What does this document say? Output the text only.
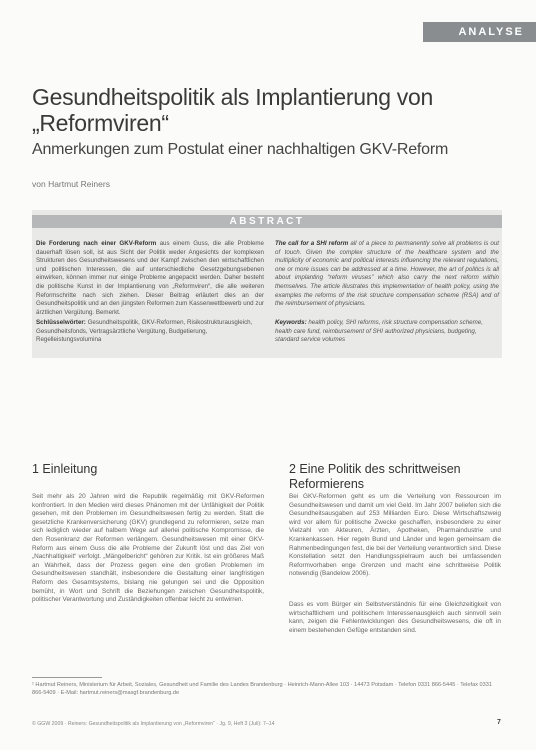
ANALYSE
Gesundheitspolitik als Implantierung von „Reformviren“
Anmerkungen zum Postulat einer nachhaltigen GKV-Reform
von Hartmut Reiners
ABSTRACT

Die Forderung nach einer GKV-Reform aus einem Guss, die alle Probleme dauerhaft lösen soll, ist aus Sicht der Politik weder Angesichts der komplexen Strukturen des Gesundheitswesens und der Kampf zwischen den wirtschaftlichen und politischen Interessen, die auf unterschiedliche Gesetzgebungsebenen einwirken, können immer nur einige Probleme angepackt werden. Daher besteht die politische Kunst in der Implantierung von „Reformviren“, die alle weiteren Reformschritte nach sich ziehen. Dieser Beitrag erläutert dies an der Gesundheitspolitik und an den jüngsten Reformen zum Kassenwettbewerb und zur ärztlichen Vergütung. Bemerkt.

The call for a SHI reform all of a piece to permanently solve all problems is out of touch. Given the complex structure of the healthcare system and the multiplicity of economic and political interests influencing the relevant regulations, one or more issues can be addressed at a time. However, the art of politics is all about implanting “reform viruses” which also carry the next reform within themselves. The article illustrates this implementation of health policy, using the examples the reforms of the risk structure compensation scheme (RSA) and of the reimbursement of physicians.

Schlüsselwörter: Gesundheitspolitik, GKV-Reformen, Risikostrukturausgleich, Gesundheitsfonds, Vertragsärztliche Vergütung, Budgetierung, Regelleistungsvolumina

Keywords: health policy, SHI reforms, risk structure compensation scheme, health care fund, reimbursement of SHI authorized physicians, budgeting, standard service volumes

1 Einleitung	2 Eine Politik des schrittweisen Reformierens

Seit mehr als 20 Jahren wird die Republik regelmäßig mit GKV-Reformen konfrontiert. In den Medien wird dieses Phänomen mit der Unfähigkeit der Politik gesehen, mit den Problemen im Gesundheitswesen fertig zu werden. Statt die gesetzliche Krankenversicherung (GKV) grundlegend zu reformieren, setze man sich lediglich wieder auf halbem Wege auf allerlei politische Kompromisse, die den Rosenkranz der Reformen verlängern. Gesundheitswesen mit einer GKV-Reform aus einem Guss die alle Probleme der Zukunft löst und das Ziel von „Nachhaltigkeit“ verfolgt. „Mängelbericht“ gehören zur Kritik. Ist ein größeres Maß an Wahrheit, dass der Prozess gegen eine den großen Problemen im Gesundheitswesen standhält, insbesondere die Gestaltung einer langfristigen Reform des Gesamtsystems, bislang nie gelungen sei und die Opposition bemüht, in Wort und Schrift die Beziehungen zwischen Gesundheitspolitik, politischer Verantwortung und Zuständigkeiten offenbar leicht zu entwirren.

Bei GKV-Reformen geht es um die Verteilung von Ressourcen im Gesundheitswesen und damit um viel Geld. Im Jahr 2007 beliefen sich die Gesundheitsausgaben auf 253 Milliarden Euro. Diese Wirtschaftszweig wird vor allem für politische Zwecke geschaffen, insbesondere zu einer Vielzahl von Akteuren, Ärzten, Apotheken, Pharmaindustrie und Krankenkassen. Hier regeln Bund und Länder und legen gemeinsam die Rahmenbedingungen fest, die bei der Verteilung verantwortlich sind. Diese Konstellation setzt den Handlungsspielraum auch bei umfassenden Reformvorhaben enge Grenzen und macht eine schrittweise Politik notwendig (Bandelow 2006).

Dass es vom Bürger ein Selbstverständnis für eine Gleichzeitigkeit von wirtschaftlichem und politischem Interessenausgleich auch sinnvoll sein kann, zeigen die Fehlentwicklungen des Gesundheitswesens, die oft in einem bestehenden Gefüge entstanden sind.

¹ Hartmut Reiners, Ministerium für Arbeit, Soziales, Gesundheit und Familie des Landes Brandenburg · Heinrich-Mann-Allee 103 · 14473 Potsdam · Telefon 0331 866-5445 · Telefax 0331 866-5409 · E-Mail: hartmut.reiners@masgf.brandenburg.de

© GGW 2009 · Reiners: Gesundheitspolitik als Implantierung von „Reformviren“ · Jg. 9, Heft 3 (Juli): 7–14	7
